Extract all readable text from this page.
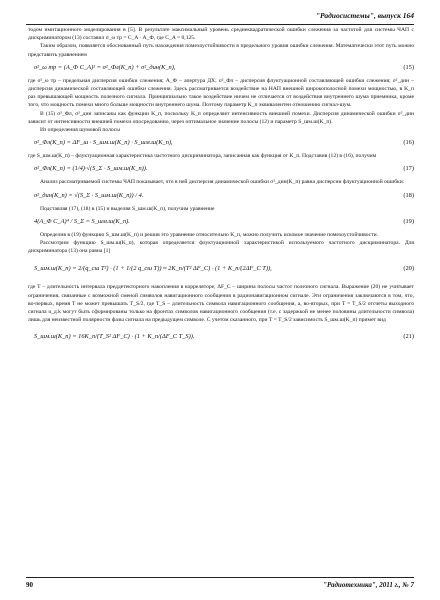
"Радиосистемы", выпуск 164

тодом имитационного моделирования в [5]. В результате максимальный уровень среднеквадратической ошибки слежения за частотой для системы ЧАП с дискриминатором (13) составил σ_ω тр = C_A · A_Ф, где C_A = 0,125.

Таким образом, появляется обоснованный путь нахождения помехоустойчивости в предельного уровня ошибки слежения. Математически этот путь можно представить уравнением

σ²_ω тр = (A_Ф C_A)² = σ²_Фл(K_п) + σ²_дин(K_п),	(15)

где σ²_ω тр – предельная дисперсия ошибки слежения; A_Ф – апертура ДХ; σ²_Фл – дисперсия флуктуационной составляющей ошибки слежения; σ²_дин – дисперсия динамической составляющей ошибки слежения. Здесь рассматривается воздействие на НАП внешней широкополосной помехи мощностью, в K_п раз превышающей мощность полезного сигнала. Принципиально такое воздействие ничем не отличается от воздействия внутреннего шума приемника, кроме того, что мощность помехи много больше мощности внутреннего шума. Поэтому параметр K_п эквивалентен отношению сигнал-шум.

В (15) σ²_Фл, σ²_дин записаны как функции K_п, поскольку K_п определяет интенсивность внешней помехи. Дисперсия динамической ошибки σ²_дин зависит от интенсивности внешней помехи опосредованно, через оптимальное значение полосы (12) и параметр S_шм.ш(K_п).

Из определения шумовой полосы

σ²_Фл(K_п) = ΔF_ш · S_шм.ш(K_п) · S_шм.ш(K_п),	(16)

где S_шм.ш(K_п) – флуктуационная характеристика частотного дискриминатора, записанная как функция от K_п. Подставив (12) в (16), получим

σ²_Фл(K_п) = (1/4)·√(S_Σ · S_шм.ш(K_п)).	(17)

Анализ рассматриваемой системы ЧАП показывает, что в ней дисперсия динамической ошибки σ²_дин(K_п) равна дисперсии флуктуационной ошибки:

σ²_дин(K_п) = √(S_Σ · S_шм.ш(K_п)) / 4.	(18)

Подставляя (17), (18) в (15) и выделяя S_шм.ш(K_п), получим уравнение

4(A_Ф C_A)⁴ / S_Σ = S_шм.ш(K_п).	(19)

Определив в (19) функцию S_шм.ш(K_п) и решив это уравнение относительно K_п, можно получить искомое значение помехоустойчивости.

Рассмотрим функцию S_шм.ш(K_п), которая определяется флуктуационной характеристикой используемого частотного дискриминатора. Для дискриминатора (13) она равна [1]

S_шм.ш(K_п) = 2/(q_сш T²) · (1 + 1/(2 q_сш T)) ≈ 2K_п/(T² ΔF_C) · (1 + K_п/(2ΔF_C T)),	(20)

где T – длительность интервала преддетекторного накопления в корреляторе, ΔF_C – ширина полосы частот полезного сигнала. Выражение (20) не учитывает ограничения, связанные с возможной сменой символов навигационного сообщения в радионавигационном сигнале. Эти ограничения заключаются в том, что, во-первых, время T не может превышать T_S/2, где T_S – длительность символа навигационного сообщения, а, во-вторых, при T = T_S/2 отсчеты выходного сигнала u_д.k могут быть сформированы только на фронтах символов навигационного сообщения (т.е. с задержкой не менее половины длительности символа) лишь для неизвестной полярности фазы сигнала на предыдущем символе. С учетом сказанного, при T = T_S/2 зависимость S_шм.ш(K_п) примет вид

S_шм.ш(K_п) = 16K_п/(T_S² ΔF_C) · (1 + K_п/(ΔF_C T_S)).	(21)
90	"Радиотехника", 2011 г., № 7
